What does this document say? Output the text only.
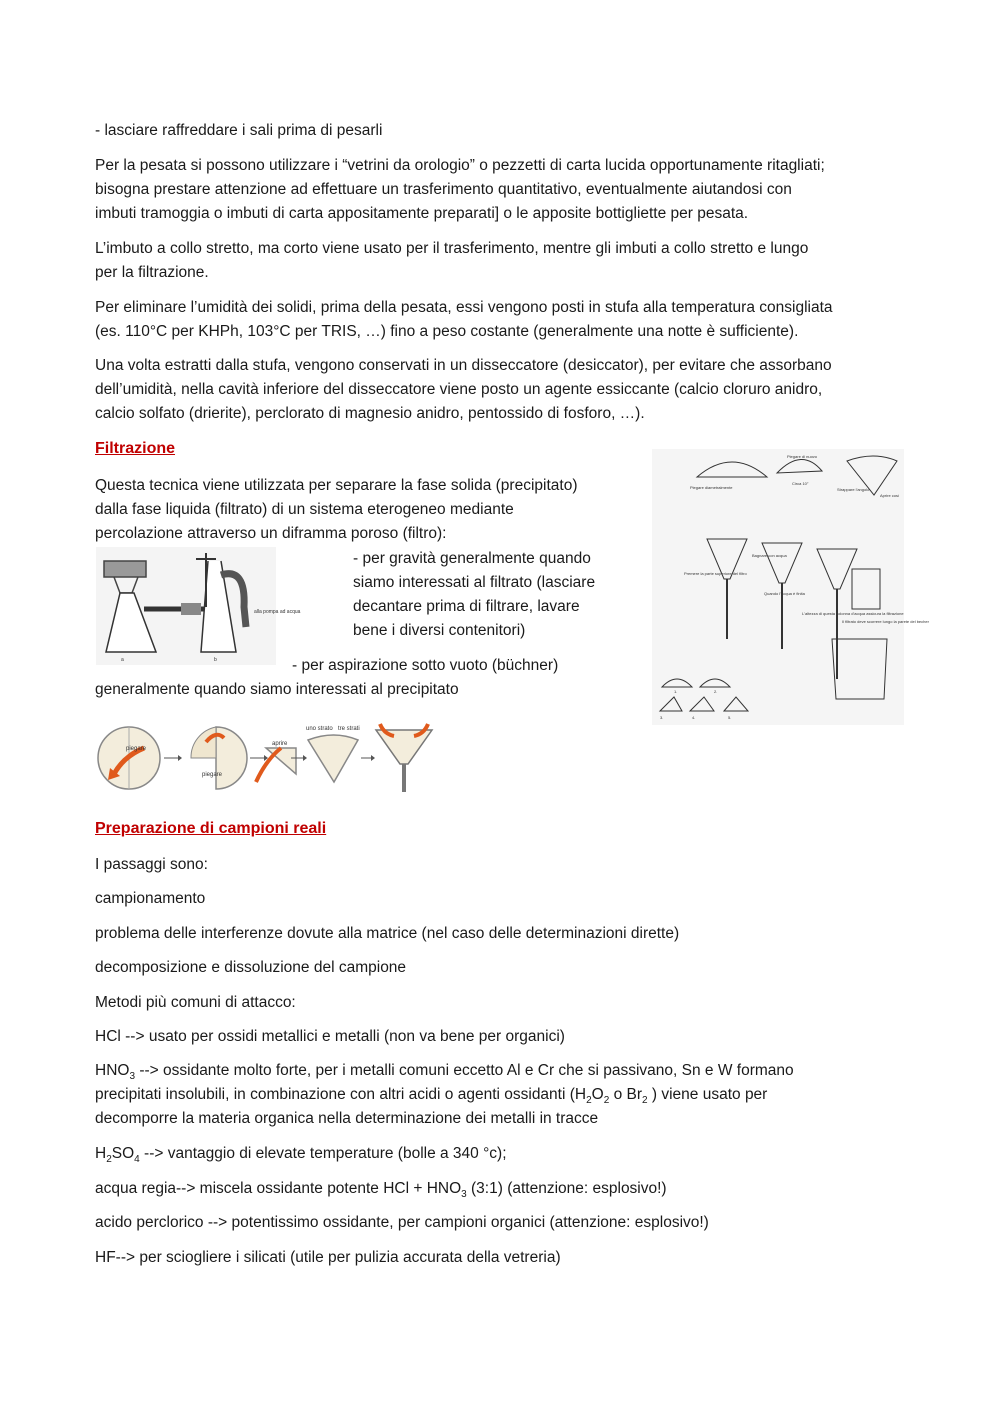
- lasciare raffreddare i sali prima di pesarli
Per la pesata si possono utilizzare i “vetrini da orologio” o pezzetti di carta lucida opportunamente ritagliati;
bisogna prestare attenzione ad effettuare un trasferimento quantitativo, eventualmente aiutandosi con
imbuti tramoggia o imbuti di carta appositamente preparati] o le apposite bottigliette per pesata.
L’imbuto a collo stretto, ma corto viene usato per il trasferimento, mentre gli imbuti a collo stretto e lungo
per la filtrazione.
Per eliminare l’umidità dei solidi, prima della pesata, essi vengono posti in stufa alla temperatura consigliata
(es. 110°C per KHPh, 103°C per TRIS, …) fino a peso costante (generalmente una notte è sufficiente).
Una volta estratti dalla stufa, vengono conservati in un disseccatore (desiccator), per evitare che assorbano
dell’umidità, nella cavità inferiore del disseccatore viene posto un agente essiccante (calcio cloruro anidro,
calcio solfato (drierite), perclorato di magnesio anidro, pentossido di fosforo, …).
Filtrazione
Questa tecnica viene utilizzata per separare la fase solida (precipitato)
dalla fase liquida (filtrato) di un sistema eterogeneo mediante
percolazione attraverso un diframma poroso (filtro):
- per gravità generalmente quando
siamo interessati al filtrato (lasciare
decantare prima di filtrare, lavare
bene i diversi contenitori)
- per aspirazione sotto vuoto (büchner)
generalmente quando siamo interessati al precipitato
alla pompa ad acqua
a	b
piegare
piegare
aprire
uno strato tre strati
Piegare diametralmente
Piegare di nuovo
Circa 10°
Strappare l'angolo
Aprire così
Premere la parte superiore del filtro
Bagnare con acqua
Quando l'acqua è finita
L'altezza di questa colonna d'acqua assicura la filtrazione
Il filtrato deve scorrere lungo la parete del becher
1.	2.
3.	4.	5.
Preparazione di campioni reali
I passaggi sono:
campionamento
problema delle interferenze dovute alla matrice (nel caso delle determinazioni dirette)
decomposizione e dissoluzione del campione
Metodi più comuni di attacco:
HCl --> usato per ossidi metallici e metalli (non va bene per organici)
$HNO_3$ --> ossidante molto forte, per i metalli comuni eccetto Al e Cr che si passivano, Sn e W formano
precipitati insolubili, in combinazione con altri acidi o agenti ossidanti ($H_2O_2$ o $Br_2$ ) viene usato per
decomporre la materia organica nella determinazione dei metalli in tracce
$H_2SO_4$ --> vantaggio di elevate temperature (bolle a 340 °c);
acqua regia--> miscela ossidante potente HCl + $HNO_3$ (3:1) (attenzione: esplosivo!)
acido perclorico --> potentissimo ossidante, per campioni organici (attenzione: esplosivo!)
HF--> per sciogliere i silicati (utile per pulizia accurata della vetreria)
